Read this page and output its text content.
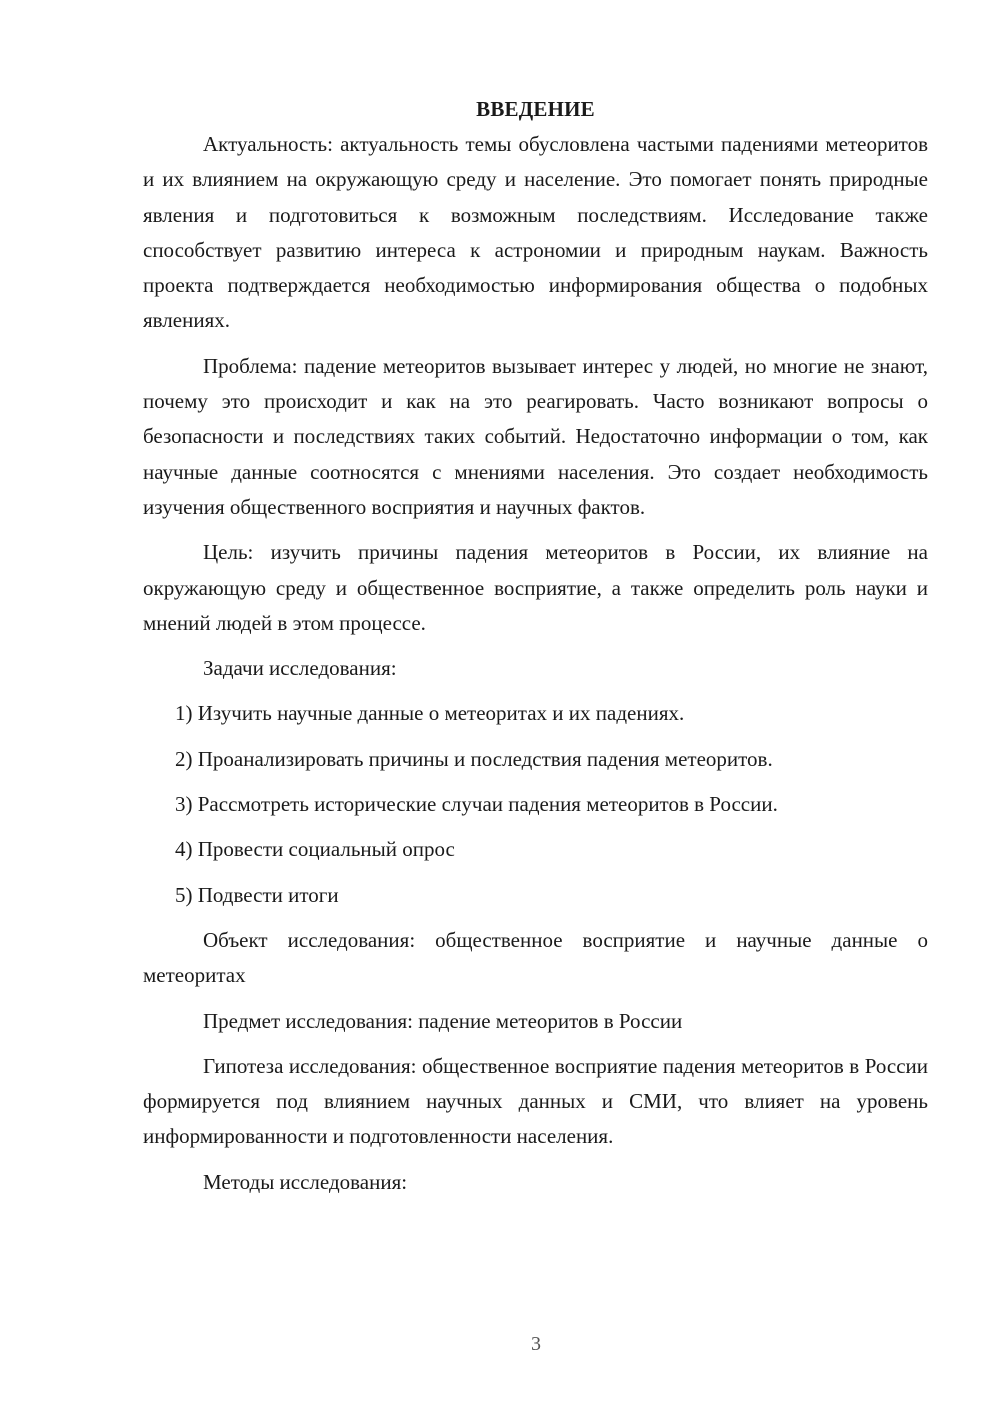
ВВЕДЕНИЕ

Актуальность: актуальность темы обусловлена частыми падениями метеоритов и их влиянием на окружающую среду и население. Это помогает понять природные явления и подготовиться к возможным последствиям. Исследование также способствует развитию интереса к астрономии и природным наукам. Важность проекта подтверждается необходимостью информирования общества о подобных явлениях.

Проблема: падение метеоритов вызывает интерес у людей, но многие не знают, почему это происходит и как на это реагировать. Часто возникают вопросы о безопасности и последствиях таких событий. Недостаточно информации о том, как научные данные соотносятся с мнениями населения. Это создает необходимость изучения общественного восприятия и научных фактов.

Цель: изучить причины падения метеоритов в России, их влияние на окружающую среду и общественное восприятие, а также определить роль науки и мнений людей в этом процессе.

Задачи исследования:

1) Изучить научные данные о метеоритах и их падениях.

2) Проанализировать причины и последствия падения метеоритов.

3) Рассмотреть исторические случаи падения метеоритов в России.

4) Провести социальный опрос

5) Подвести итоги

Объект исследования: общественное восприятие и научные данные о метеоритах

Предмет исследования: падение метеоритов в России

Гипотеза исследования: общественное восприятие падения метеоритов в России формируется под влиянием научных данных и СМИ, что влияет на уровень информированности и подготовленности населения.

Методы исследования:

3
